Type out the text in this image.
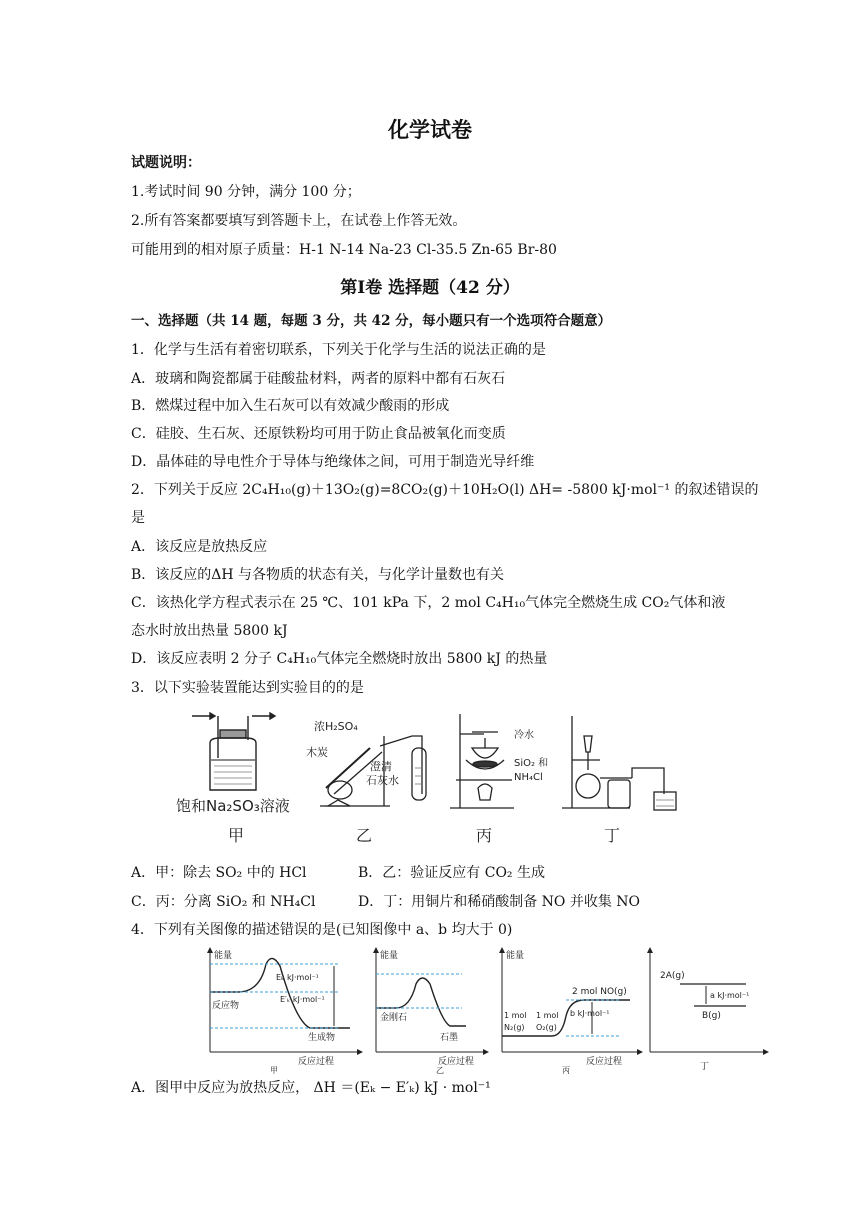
化学试卷
试题说明：
1.考试时间 90 分钟，满分 100 分；
2.所有答案都要填写到答题卡上，在试卷上作答无效。
可能用到的相对原子质量：H-1 N-14 Na-23 Cl-35.5 Zn-65 Br-80
第Ⅰ卷 选择题（42 分）
一、选择题（共 14 题，每题 3 分，共 42 分，每小题只有一个选项符合题意）
1．化学与生活有着密切联系，下列关于化学与生活的说法正确的是
A．玻璃和陶瓷都属于硅酸盐材料，两者的原料中都有石灰石
B．燃煤过程中加入生石灰可以有效减少酸雨的形成
C．硅胶、生石灰、还原铁粉均可用于防止食品被氧化而变质
D．晶体硅的导电性介于导体与绝缘体之间，可用于制造光导纤维
2．下列关于反应 2C₄H₁₀(g)＋13O₂(g)=8CO₂(g)＋10H₂O(l) ΔH= -5800 kJ·mol⁻¹ 的叙述错误的
是
A．该反应是放热反应
B．该反应的ΔH 与各物质的状态有关，与化学计量数也有关
C．该热化学方程式表示在 25 ℃、101 kPa 下，2 mol C₄H₁₀气体完全燃烧生成 CO₂气体和液
态水时放出热量 5800 kJ
D．该反应表明 2 分子 C₄H₁₀气体完全燃烧时放出 5800 kJ 的热量
3．以下实验装置能达到实验目的的是
饱和Na₂SO₃溶液
甲
浓H₂SO₄
木炭
澄清
石灰水
乙
冷水
SiO₂ 和
NH₄Cl
丙	丁
A．甲：除去 SO₂ 中的 HCl	B．乙：验证反应有 CO₂ 生成
C．丙：分离 SiO₂ 和 NH₄Cl	D．丁：用铜片和稀硝酸制备 NO 并收集 NO
4．下列有关图像的描述错误的是(已知图像中 a、b 均大于 0)
能量
Eₖ kJ·mol⁻¹
E′ₖ kJ·mol⁻¹
反应物
生成物
反应过程
甲
能量
金刚石
石墨
反应过程
乙
能量
2 mol NO(g)
1 mol
N₂(g)
1 mol
O₂(g)
b kJ·mol⁻¹
反应过程
丙
2A(g)
a kJ·mol⁻¹
B(g)
丁
A．图甲中反应为放热反应， ΔH ＝(Eₖ − E′ₖ) kJ · mol⁻¹
